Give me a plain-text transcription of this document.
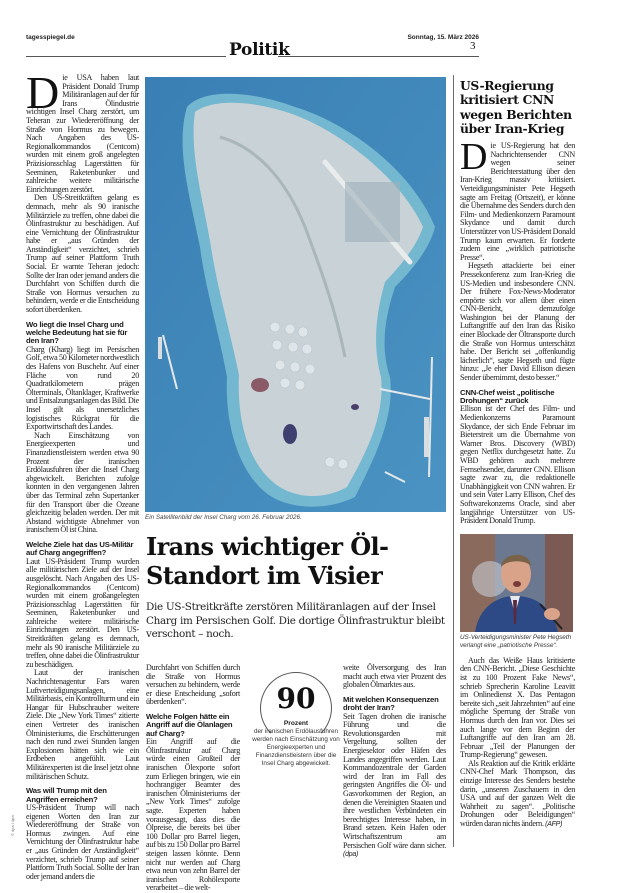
tagesspiegel.de	Sonntag, 15. März 2026
Politik	3

Die USA haben laut Präsident Donald Trump Militäranlagen auf der für Irans Ölindustrie wichtigen Insel Charg zerstört, um Teheran zur Wiedereröffnung der Straße von Hormus zu bewegen. Nach Angaben des US-Regionalkommandos (Centcom) wurden mit einem groß angelegten Präzisionsschlag Lagerstätten für Seeminen, Raketenbunker und zahlreiche weitere militärische Einrichtungen zerstört.

Den US-Streitkräften gelang es demnach, mehr als 90 iranische Militärziele zu treffen, ohne dabei die Ölinfrastruktur zu beschädigen. Auf eine Vernichtung der Ölinfrastruktur habe er „aus Gründen der Anständigkeit“ verzichtet, schrieb Trump auf seiner Plattform Truth Social. Er warnte Teheran jedoch: Sollte der Iran oder jemand anders die Durchfahrt von Schiffen durch die Straße von Hormus versuchen zu behindern, werde er die Entscheidung sofort überdenken.

Wo liegt die Insel Charg und welche Bedeutung hat sie für den Iran?

Charg (Kharg) liegt im Persischen Golf, etwa 50 Kilometer nordwestlich des Hafens von Buschehr. Auf einer Fläche von rund 20 Quadratkilometern prägen Ölterminals, Öltanklager, Kraftwerke und Entsalzungsanlagen das Bild. Die Insel gilt als unersetzliches logistisches Rückgrat für die Exportwirtschaft des Landes.

Nach Einschätzung von Energieexperten und Finanzdienstleistern werden etwa 90 Prozent der iranischen Erdölausfuhren über die Insel Charg abgewickelt. Berichten zufolge konnten in den vergangenen Jahren über das Terminal zehn Supertanker für den Transport über die Ozeane gleichzeitig beladen werden. Der mit Abstand wichtigste Abnehmer von iranischem Öl ist China.

Welche Ziele hat das US-Militär auf Charg angegriffen?

Laut US-Präsident Trump wurden alle militärischen Ziele auf der Insel ausgelöscht. Nach Angaben des US-Regionalkommandos (Centcom) wurden mit einem großangelegten Präzisionsschlag Lagerstätten für Seeminen, Raketenbunker und zahlreiche weitere militärische Einrichtungen zerstört. Den US-Streitkräften gelang es demnach, mehr als 90 iranische Militärziele zu treffen, ohne dabei die Ölinfrastruktur zu beschädigen.

Laut der iranischen Nachrichtenagentur Fars waren Luftverteidigungsanlagen, eine Militärbasis, ein Kontrollturm und ein Hangar für Hubschrauber weitere Ziele. Die „New York Times“ zitierte einen Vertreter des iranischen Ölministeriums, die Erschütterungen nach den rund zwei Stunden langen Explosionen hätten sich wie ein Erdbeben angefühlt. Laut Militärexperten ist die Insel jetzt ohne militärischen Schutz.

Was will Trump mit den Angriffen erreichen?

US-Präsident Trump will nach eigenen Worten den Iran zur Wiedereröffnung der Straße von Hormus zwingen. Auf eine Vernichtung der Ölinfrastruktur habe er „aus Gründen der Anständigkeit“ verzichtet, schrieb Trump auf seiner Plattform Truth Social. Sollte der Iran oder jemand anders die

Ein Satellitenbild der Insel Charg vom 26. Februar 2026.
Irans wichtiger Öl-Standort im Visier
Die US-Streitkräfte zerstören Militäranlagen auf der Insel Charg im Persischen Golf. Die dortige Ölinfrastruktur bleibt verschont – noch.

Durchfahrt von Schiffen durch die Straße von Hormus versuchen zu behindern, werde er diese Entscheidung „sofort überdenken“.

Welche Folgen hätte ein Angriff auf die Ölanlagen auf Charg?

Ein Angriff auf die Ölinfrastruktur auf Charg würde einen Großteil der iranischen Ölexporte sofort zum Erliegen bringen, wie ein hochrangiger Beamter des iranischen Ölministeriums der „New York Times“ zufolge sagte. Experten haben vorausgesagt, dass dies die Ölpreise, die bereits bei über 100 Dollar pro Barrel liegen, auf bis zu 150 Dollar pro Barrel steigen lassen könnte. Denn nicht nur werden auf Charg etwa neun von zehn Barrel der iranischen Rohölexporte verarbeitet – die welt-

90
Prozent
der iranischen Erdölausfuhren werden nach Einschätzung von Energieexperten und Finanzdienstleistern über die Insel Charg abgewickelt.

weite Ölversorgung des Iran macht auch etwa vier Prozent des globalen Ölmarktes aus.

Mit welchen Konsequenzen droht der Iran?

Seit Tagen drohen die iranische Führung und die Revolutionsgarden mit Vergeltung, sollten der Energiesektor oder Häfen des Landes angegriffen werden. Laut Kommandozentrale der Garden wird der Iran im Fall des geringsten Angriffes die Öl- und Gasvorkommen der Region, an denen die Vereinigten Staaten und ihre westlichen Verbündeten ein berechtigtes Interesse haben, in Brand setzen. Kein Hafen oder Wirtschaftszentrum am Persischen Golf wäre dann sicher. (dpa)

US-Regierung kritisiert CNN wegen Berichten über Iran-Krieg

Die US-Regierung hat den Nachrichtensender CNN wegen seiner Berichterstattung über den Iran-Krieg massiv kritisiert. Verteidigungsminister Pete Hegseth sagte am Freitag (Ortszeit), er könne die Übernahme des Senders durch den Film- und Medienkonzern Paramount Skydance und damit durch Unterstützer von US-Präsident Donald Trump kaum erwarten. Er forderte zudem eine „wirklich patriotische Presse“.

Hegseth attackierte bei einer Pressekonferenz zum Iran-Krieg die US-Medien und insbesondere CNN. Der frühere Fox-News-Moderator empörte sich vor allem über einen CNN-Bericht, demzufolge Washington bei der Planung der Luftangriffe auf den Iran das Risiko einer Blockade der Öltransporte durch die Straße von Hormus unterschätzt habe. Der Bericht sei „offenkundig lächerlich“, sagte Hegseth und fügte hinzu: „Je eher David Ellison diesen Sender übernimmt, desto besser.“

CNN-Chef weist „politische Drohungen“ zurück

Ellison ist der Chef des Film- und Medienkonzerns Paramount Skydance, der sich Ende Februar im Bieterstreit um die Übernahme von Warner Bros. Discovery (WBD) gegen Netflix durchgesetzt hatte. Zu WBD gehören auch mehrere Fernsehsender, darunter CNN. Ellison sagte zwar zu, die redaktionelle Unabhängigkeit von CNN wahren. Er und sein Vater Larry Ellison, Chef des Softwarekonzerns Oracle, sind aber langjährige Unterstützer von US-Präsident Donald Trump.

US-Verteidigungsminister Pete Hegseth verlangt eine „patriotische Presse“.

Auch das Weiße Haus kritisierte den CNN-Bericht. „Diese Geschichte ist zu 100 Prozent Fake News“, schrieb Sprecherin Karoline Leavitt im Onlinedienst X. Das Pentagon bereite sich „seit Jahrzehnten“ auf eine mögliche Sperrung der Straße von Hormus durch den Iran vor. Dies sei auch lange vor dem Beginn der Luftangriffe auf den Iran am 28. Februar „Teil der Planungen der Trump-Regierung“ gewesen.

Als Reaktion auf die Kritik erklärte CNN-Chef Mark Thompson, das einzige Interesse des Senders bestehe darin, „unseren Zuschauern in den USA und auf der ganzen Welt die Wahrheit zu sagen“. „Politische Drohungen oder Beleidigungen“ würden daran nichts ändern. (AFP)

© dpa / dpa
